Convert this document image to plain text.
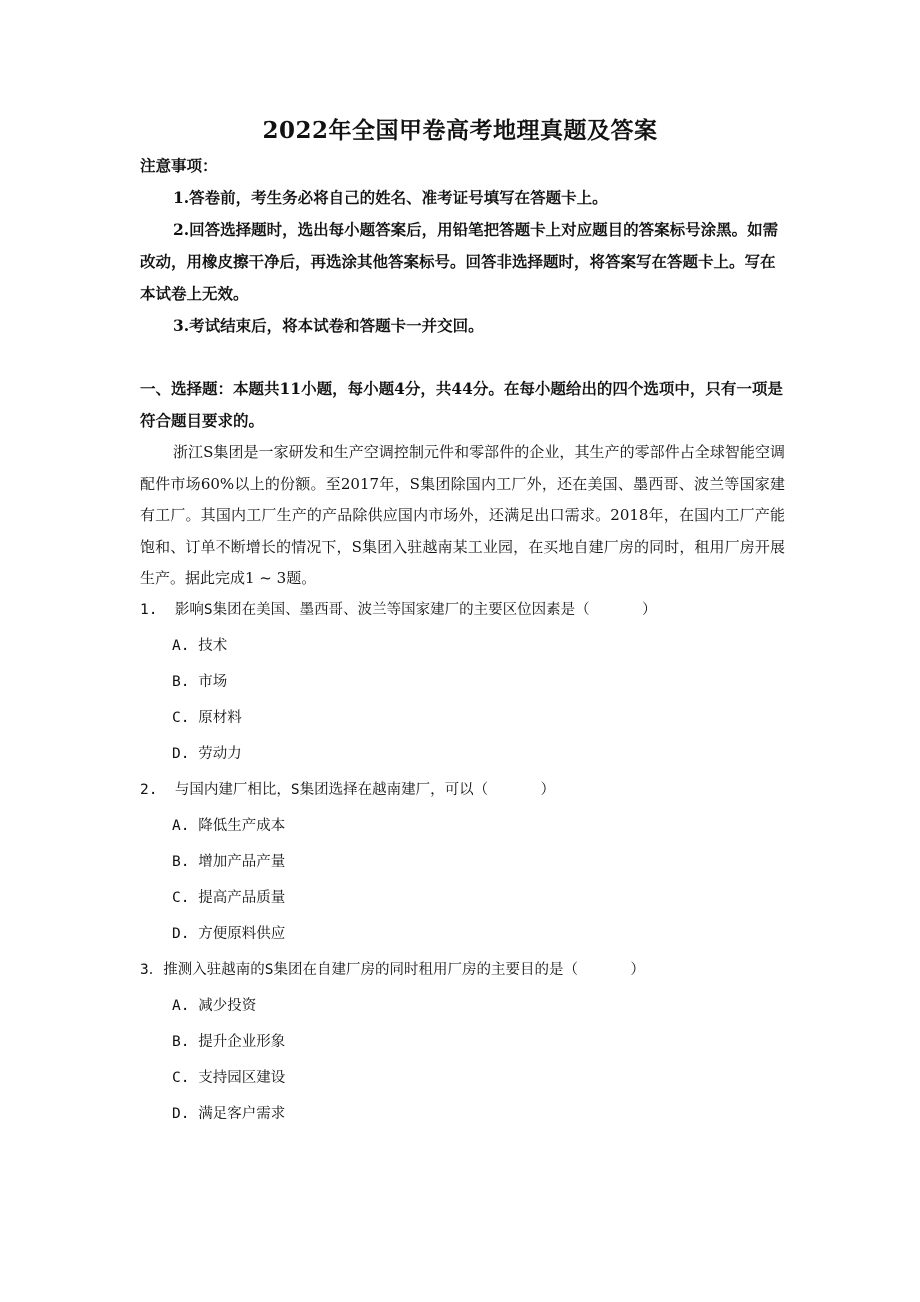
2022年全国甲卷高考地理真题及答案

注意事项：

1.答卷前，考生务必将自己的姓名、准考证号填写在答题卡上。

2.回答选择题时，选出每小题答案后，用铅笔把答题卡上对应题目的答案标号涂黑。如需改动，用橡皮擦干净后，再选涂其他答案标号。回答非选择题时，将答案写在答题卡上。写在本试卷上无效。

3.考试结束后，将本试卷和答题卡一并交回。

一、选择题：本题共11小题，每小题4分，共44分。在每小题给出的四个选项中，只有一项是符合题目要求的。

浙江S集团是一家研发和生产空调控制元件和零部件的企业，其生产的零部件占全球智能空调配件市场60%以上的份额。至2017年，S集团除国内工厂外，还在美国、墨西哥、波兰等国家建有工厂。其国内工厂生产的产品除供应国内市场外，还满足出口需求。2018年，在国内工厂产能饱和、订单不断增长的情况下，S集团入驻越南某工业园，在买地自建厂房的同时，租用厂房开展生产。据此完成1 ~ 3题。

1.  影响S集团在美国、墨西哥、波兰等国家建厂的主要区位因素是（      ）
A. 技术
B. 市场
C. 原材料
D. 劳动力
2.  与国内建厂相比，S集团选择在越南建厂，可以（      ）
A. 降低生产成本
B. 增加产品产量
C. 提高产品质量
D. 方便原料供应
3．推测入驻越南的S集团在自建厂房的同时租用厂房的主要目的是（      ）
A. 减少投资
B. 提升企业形象
C. 支持园区建设
D. 满足客户需求
